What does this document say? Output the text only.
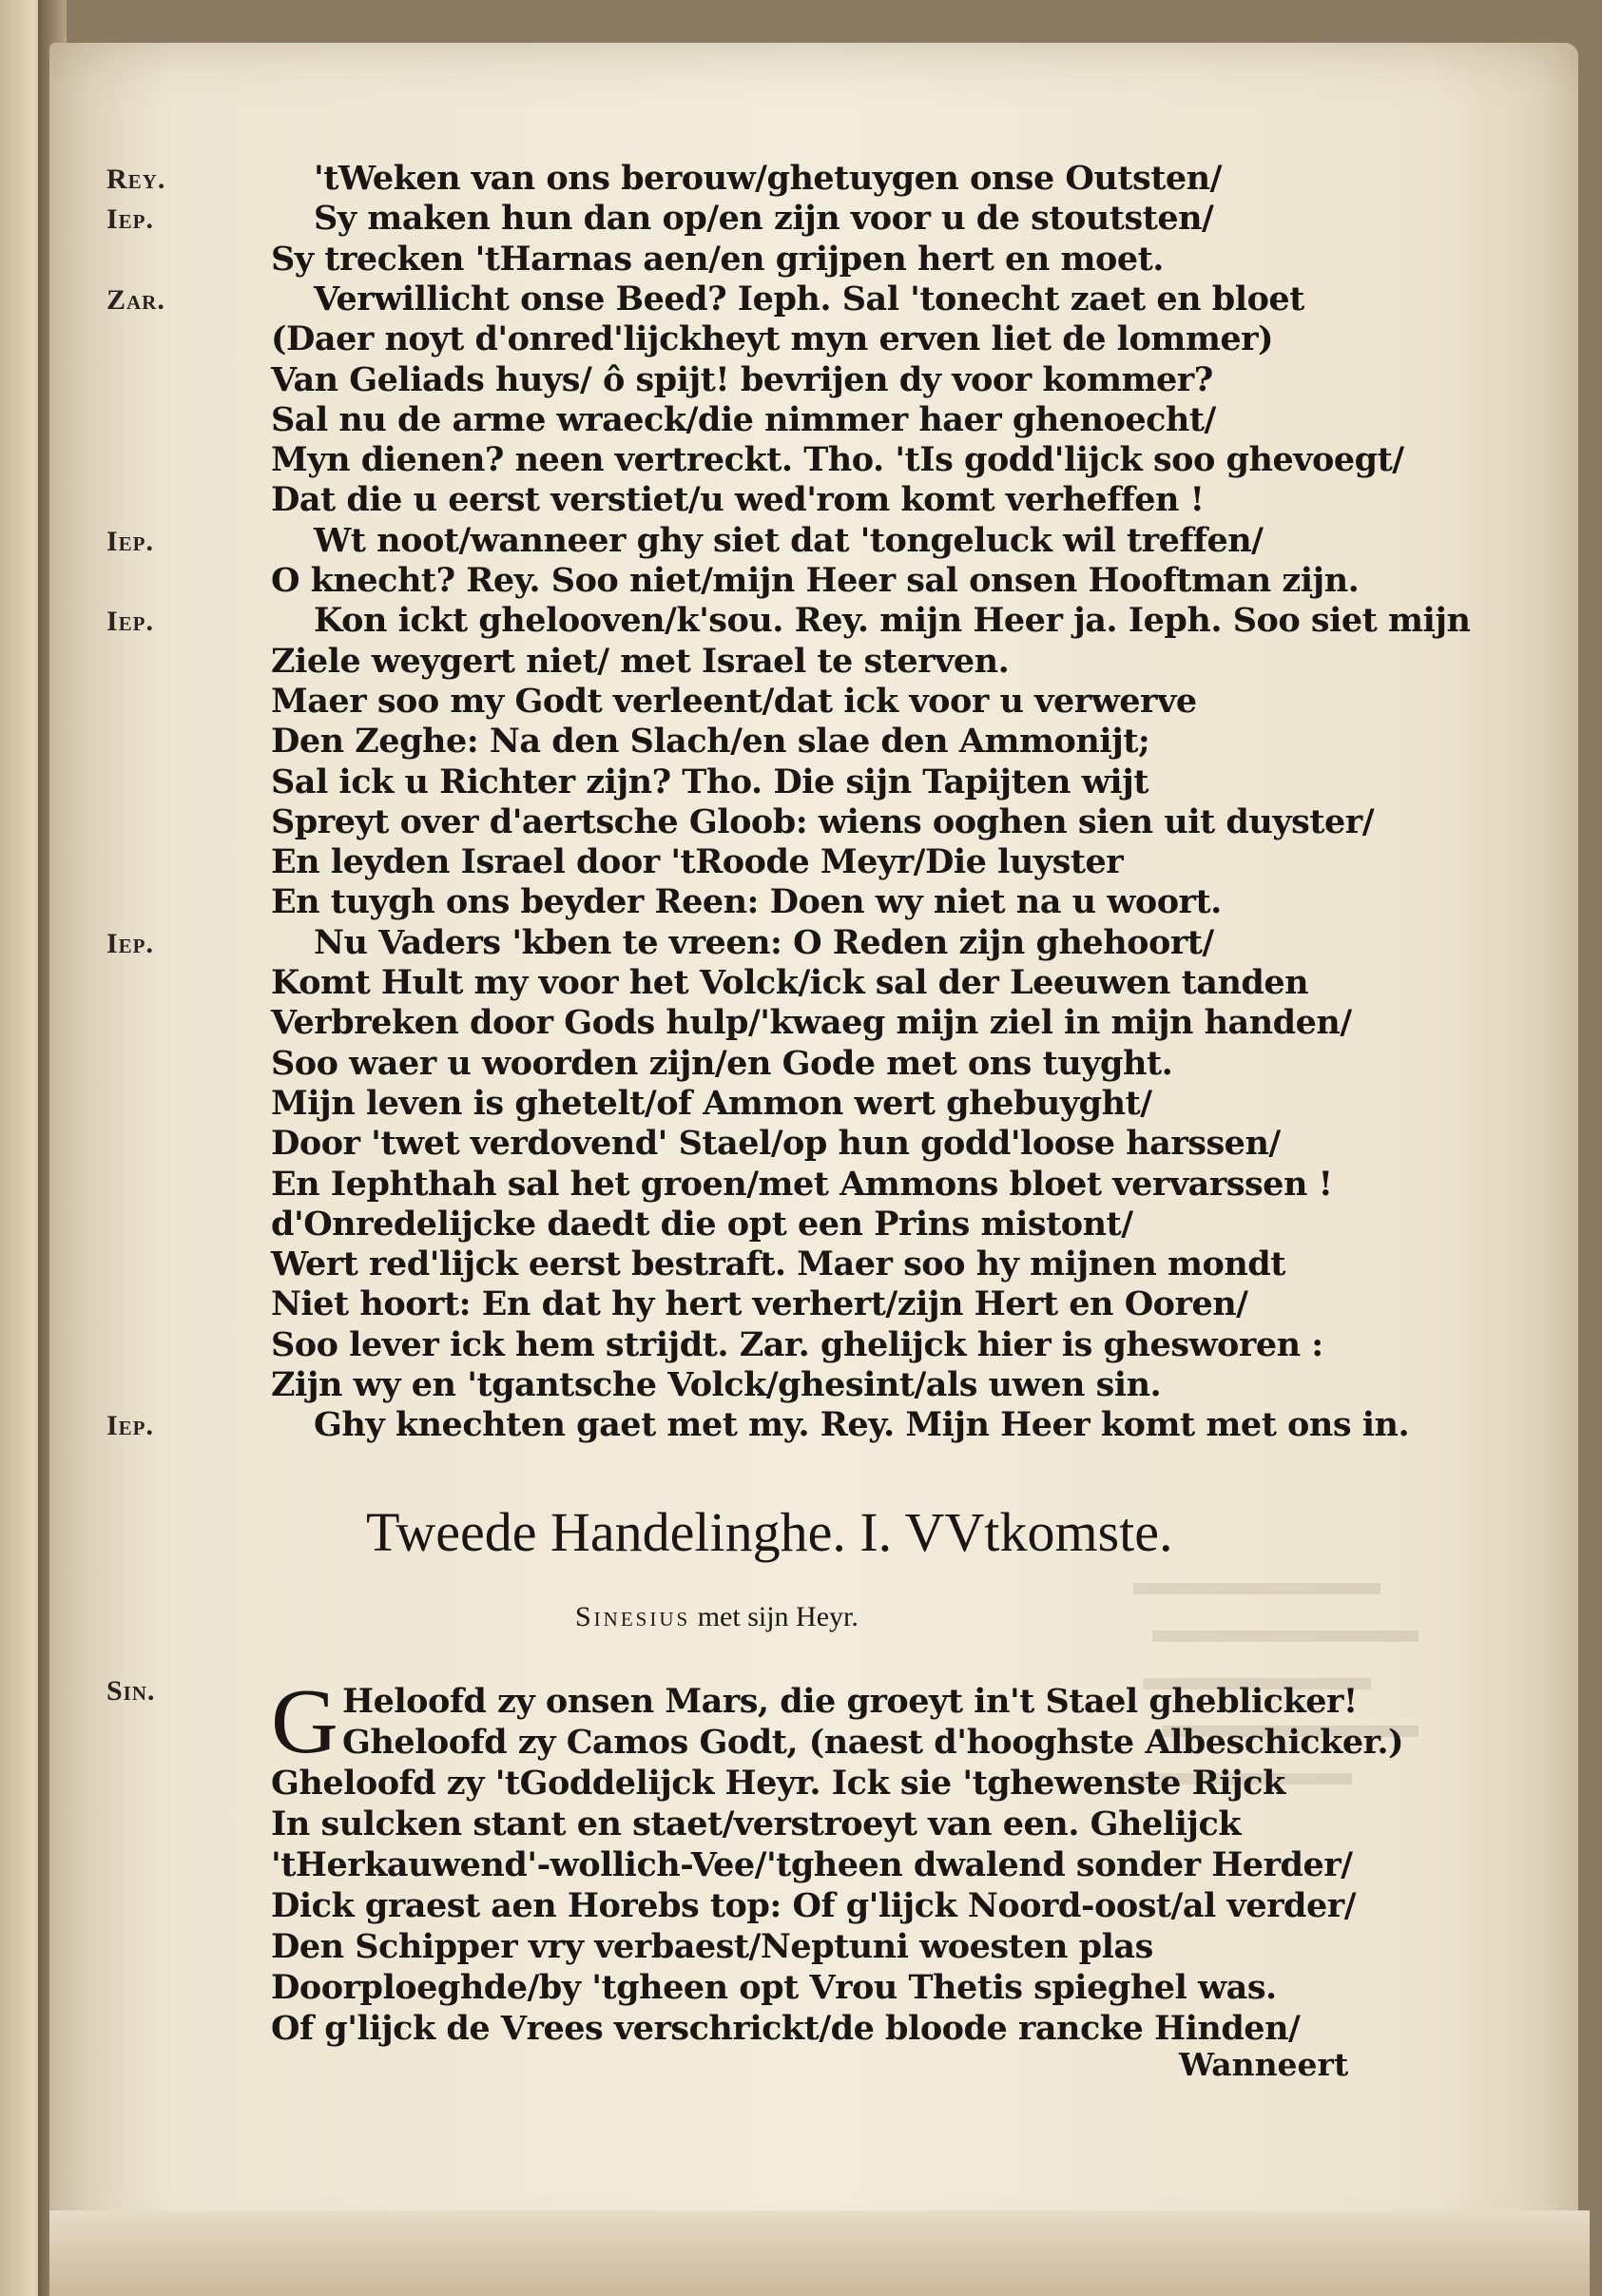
'tWeken van ons berouw/ghetuygen onse Outsten/
Sy maken hun dan op/en zijn voor u de stoutsten/
Sy trecken 'tHarnas aen/en grijpen hert en moet.
Verwillicht onse Beed? Ieph. Sal 'tonecht zaet en bloet
(Daer noyt d'onred'lijckheyt myn erven liet de lommer)
Van Geliads huys/ ô spijt! bevrijen dy voor kommer?
Sal nu de arme wraeck/die nimmer haer ghenoecht/
Myn dienen? neen vertreckt. Tho. 'tIs godd'lijck soo ghevoegt/
Dat die u eerst verstiet/u wed'rom komt verheffen !
Wt noot/wanneer ghy siet dat 'tongeluck wil treffen/
O knecht? Rey. Soo niet/mijn Heer sal onsen Hooftman zijn.
Kon ickt ghelooven/k'sou. Rey. mijn Heer ja. Ieph. Soo siet mijn
Ziele weygert niet/ met Israel te sterven.
Maer soo my Godt verleent/dat ick voor u verwerve
Den Zeghe: Na den Slach/en slae den Ammonijt;
Sal ick u Richter zijn? Tho. Die sijn Tapijten wijt
Spreyt over d'aertsche Gloob: wiens ooghen sien uit duyster/
En leyden Israel door 'tRoode Meyr/Die luyster
En tuygh ons beyder Reen: Doen wy niet na u woort.
Nu Vaders 'kben te vreen: O Reden zijn ghehoort/
Komt Hult my voor het Volck/ick sal der Leeuwen tanden
Verbreken door Gods hulp/'kwaeg mijn ziel in mijn handen/
Soo waer u woorden zijn/en Gode met ons tuyght.
Mijn leven is ghetelt/of Ammon wert ghebuyght/
Door 'twet verdovend' Stael/op hun godd'loose harssen/
En Iephthah sal het groen/met Ammons bloet vervarssen !
d'Onredelijcke daedt die opt een Prins mistont/
Wert red'lijck eerst bestraft. Maer soo hy mijnen mondt
Niet hoort: En dat hy hert verhert/zijn Hert en Ooren/
Soo lever ick hem strijdt. Zar. ghelijck hier is ghesworen :
Zijn wy en 'tgantsche Volck/ghesint/als uwen sin.
Ghy knechten gaet met my. Rey. Mijn Heer komt met ons in.
Rey.
Iep.
Zar.
Iep.
Iep.
Iep.
Iep.
Tweede Handelinghe. I. VVtkomste.
Sinesius met sijn Heyr.
Sin. G Heloofd zy onsen Mars, die groeyt in't Stael gheblicker!
Gheloofd zy Camos Godt, (naest d'hooghste Albeschicker.)
Gheloofd zy 'tGoddelijck Heyr. Ick sie 'tghewenste Rijck
In sulcken stant en staet/verstroeyt van een. Ghelijck
'tHerkauwend'-wollich-Vee/'tgheen dwalend sonder Herder/
Dick graest aen Horebs top: Of g'lijck Noord-oost/al verder/
Den Schipper vry verbaest/Neptuni woesten plas
Doorploeghde/by 'tgheen opt Vrou Thetis spieghel was.
Of g'lijck de Vrees verschrickt/de bloode rancke Hinden/
Wanneert
